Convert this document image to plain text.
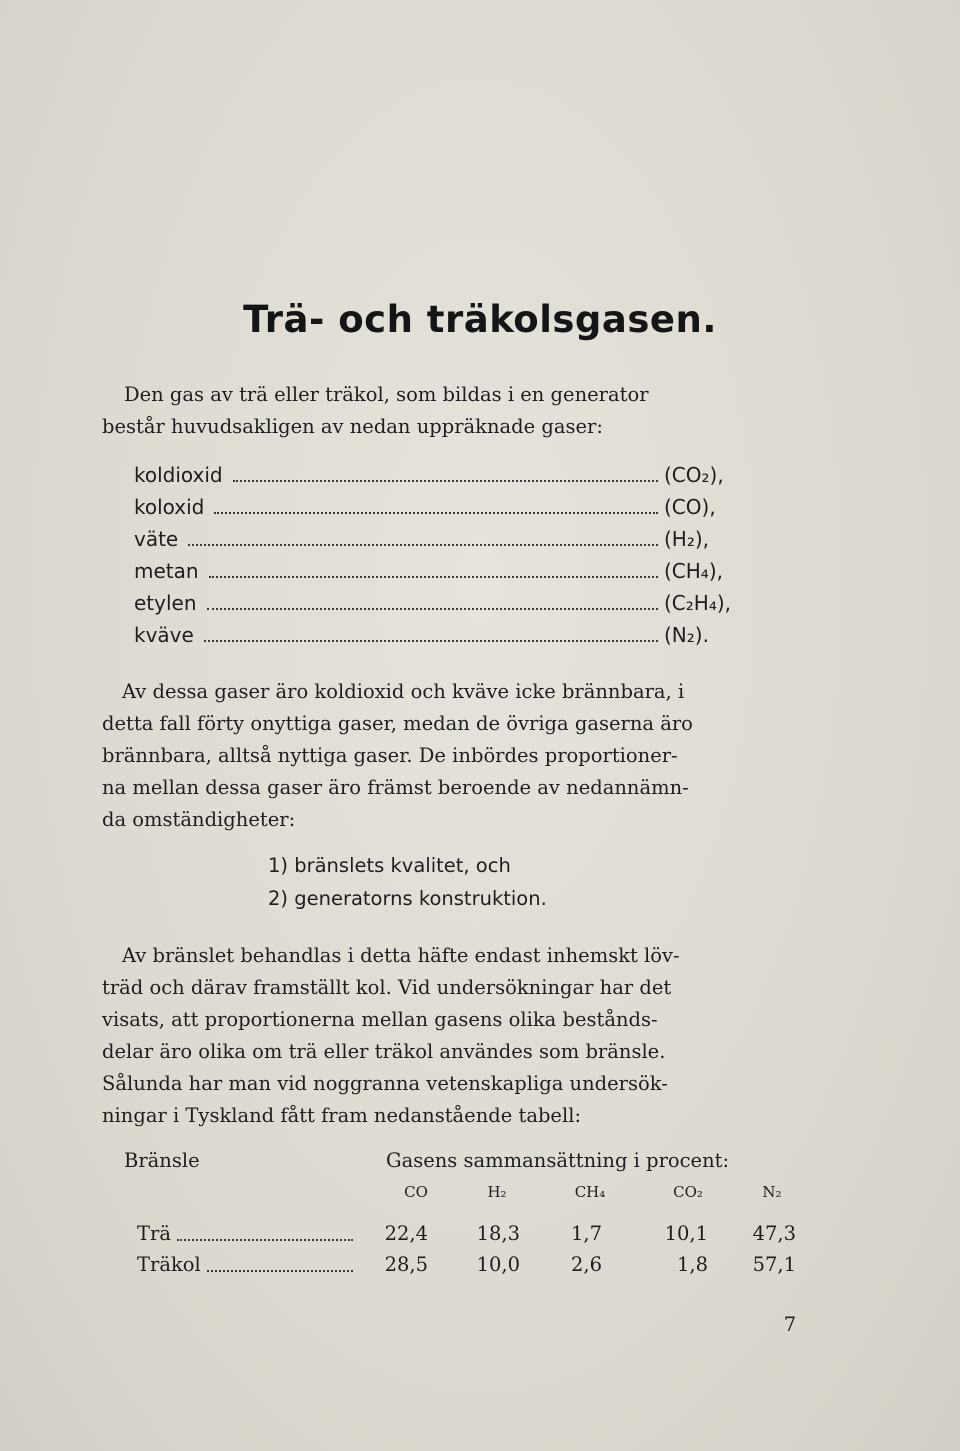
Trä- och träkolsgasen.
Den gas av trä eller träkol, som bildas i en generator
består huvudsakligen av nedan uppräknade gaser:
koldioxid	(CO₂),
koloxid	(CO),
väte	(H₂),
metan	(CH₄),
etylen	(C₂H₄),
kväve	(N₂).
Av dessa gaser äro koldioxid och kväve icke brännbara, i
detta fall förty onyttiga gaser, medan de övriga gaserna äro
brännbara, alltså nyttiga gaser. De inbördes proportioner-
na mellan dessa gaser äro främst beroende av nedannämn-
da omständigheter:
1) bränslets kvalitet, och
2) generatorns konstruktion.
Av bränslet behandlas i detta häfte endast inhemskt löv-
träd och därav framställt kol. Vid undersökningar har det
visats, att proportionerna mellan gasens olika bestånds-
delar äro olika om trä eller träkol användes som bränsle.
Sålunda har man vid noggranna vetenskapliga undersök-
ningar i Tyskland fått fram nedanstående tabell:
Bränsle	Gasens sammansättning i procent:
CO	H₂	CH₄	CO₂	N₂
Trä	22,4	18,3	1,7	10,1	47,3
Träkol	28,5	10,0	2,6	1,8	57,1
7
